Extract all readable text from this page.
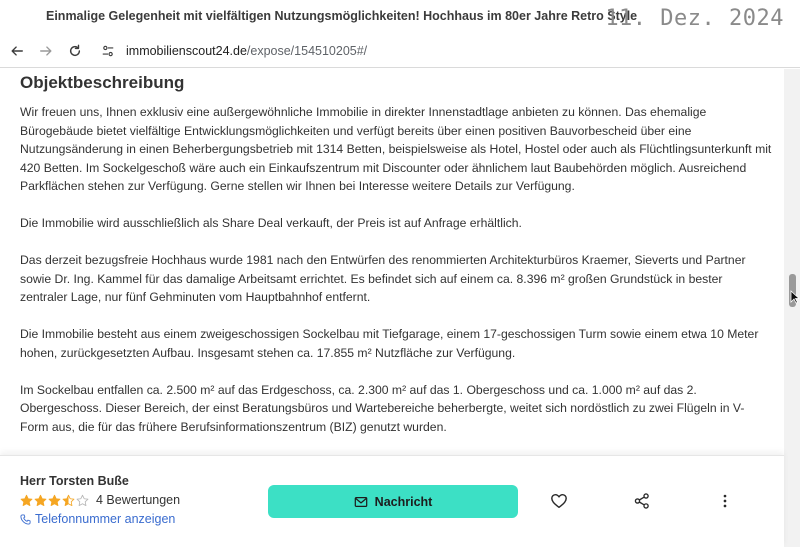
Einmalige Gelegenheit mit vielfältigen Nutzungsmöglichkeiten! Hochhaus im 80er Jahre Retro Style
11. Dez. 2024
immobilienscout24.de /expose/154510205#/
Objektbeschreibung

Wir freuen uns, Ihnen exklusiv eine außergewöhnliche Immobilie in direkter Innenstadtlage anbieten zu können. Das ehemalige Bürogebäude bietet vielfältige Entwicklungsmöglichkeiten und verfügt bereits über einen positiven Bauvorbescheid über eine Nutzungsänderung in einen Beherbergungsbetrieb mit 1314 Betten, beispielsweise als Hotel, Hostel oder auch als Flüchtlingsunterkunft mit 420 Betten. Im Sockelgeschoß wäre auch ein Einkaufszentrum mit Discounter oder ähnlichem laut Baubehörden möglich. Ausreichend Parkflächen stehen zur Verfügung. Gerne stellen wir Ihnen bei Interesse weitere Details zur Verfügung.

Die Immobilie wird ausschließlich als Share Deal verkauft, der Preis ist auf Anfrage erhältlich.

Das derzeit bezugsfreie Hochhaus wurde 1981 nach den Entwürfen des renommierten Architekturbüros Kraemer, Sieverts und Partner sowie Dr. Ing. Kammel für das damalige Arbeitsamt errichtet. Es befindet sich auf einem ca. 8.396 m² großen Grundstück in bester zentraler Lage, nur fünf Gehminuten vom Hauptbahnhof entfernt.

Die Immobilie besteht aus einem zweigeschossigen Sockelbau mit Tiefgarage, einem 17-geschossigen Turm sowie einem etwa 10 Meter hohen, zurückgesetzten Aufbau. Insgesamt stehen ca. 17.855 m² Nutzfläche zur Verfügung.

Im Sockelbau entfallen ca. 2.500 m² auf das Erdgeschoss, ca. 2.300 m² auf das 1. Obergeschoss und ca. 1.000 m² auf das 2. Obergeschoss. Dieser Bereich, der einst Beratungsbüros und Wartebereiche beherbergte, weitet sich nordöstlich zu zwei Flügeln in V-Form aus, die für das frühere Berufsinformationszentrum (BIZ) genutzt wurden.

Herr Torsten Buße
4 Bewertungen
Telefonnummer anzeigen
Nachricht
